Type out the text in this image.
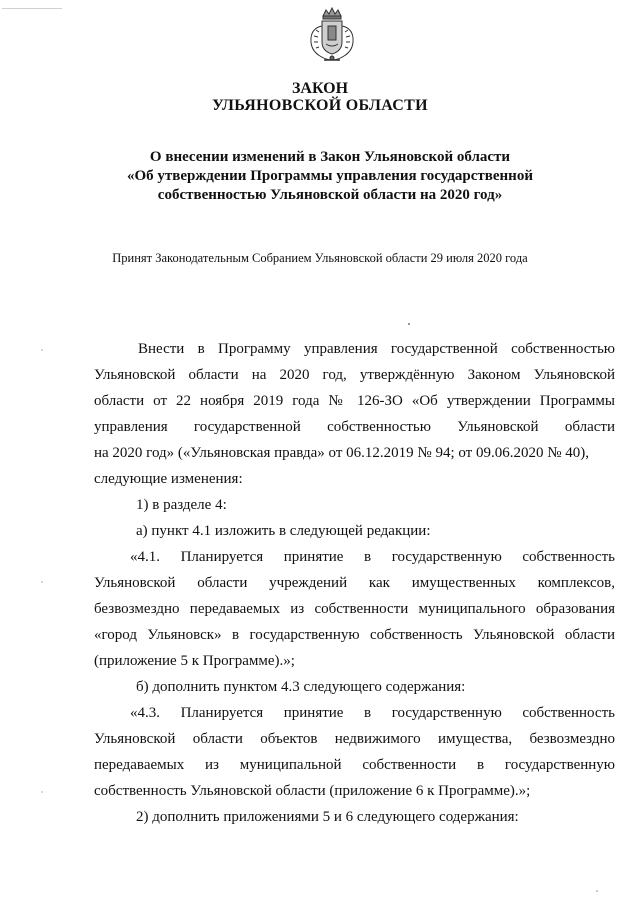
ЗАКОН
УЛЬЯНОВСКОЙ ОБЛАСТИ
О внесении изменений в Закон Ульяновской области
«Об утверждении Программы управления государственной
собственностью Ульяновской области на 2020 год»

Принят Законодательным Собранием Ульяновской области 29 июля 2020 года

Внести в Программу управления государственной собственностью
Ульяновской области на 2020 год, утверждённую Законом Ульяновской
области от 22 ноября 2019 года № 126-ЗО «Об утверждении Программы
управления государственной собственностью Ульяновской области
на 2020 год» («Ульяновская правда» от 06.12.2019 № 94; от 09.06.2020 № 40),
следующие изменения:
1) в разделе 4:
а) пункт 4.1 изложить в следующей редакции:
«4.1. Планируется принятие в государственную собственность
Ульяновской области учреждений как имущественных комплексов,
безвозмездно передаваемых из собственности муниципального образования
«город Ульяновск» в государственную собственность Ульяновской области
(приложение 5 к Программе).»;
б) дополнить пунктом 4.3 следующего содержания:
«4.3. Планируется принятие в государственную собственность
Ульяновской области объектов недвижимого имущества, безвозмездно
передаваемых из муниципальной собственности в государственную
собственность Ульяновской области (приложение 6 к Программе).»;
2) дополнить приложениями 5 и 6 следующего содержания:
